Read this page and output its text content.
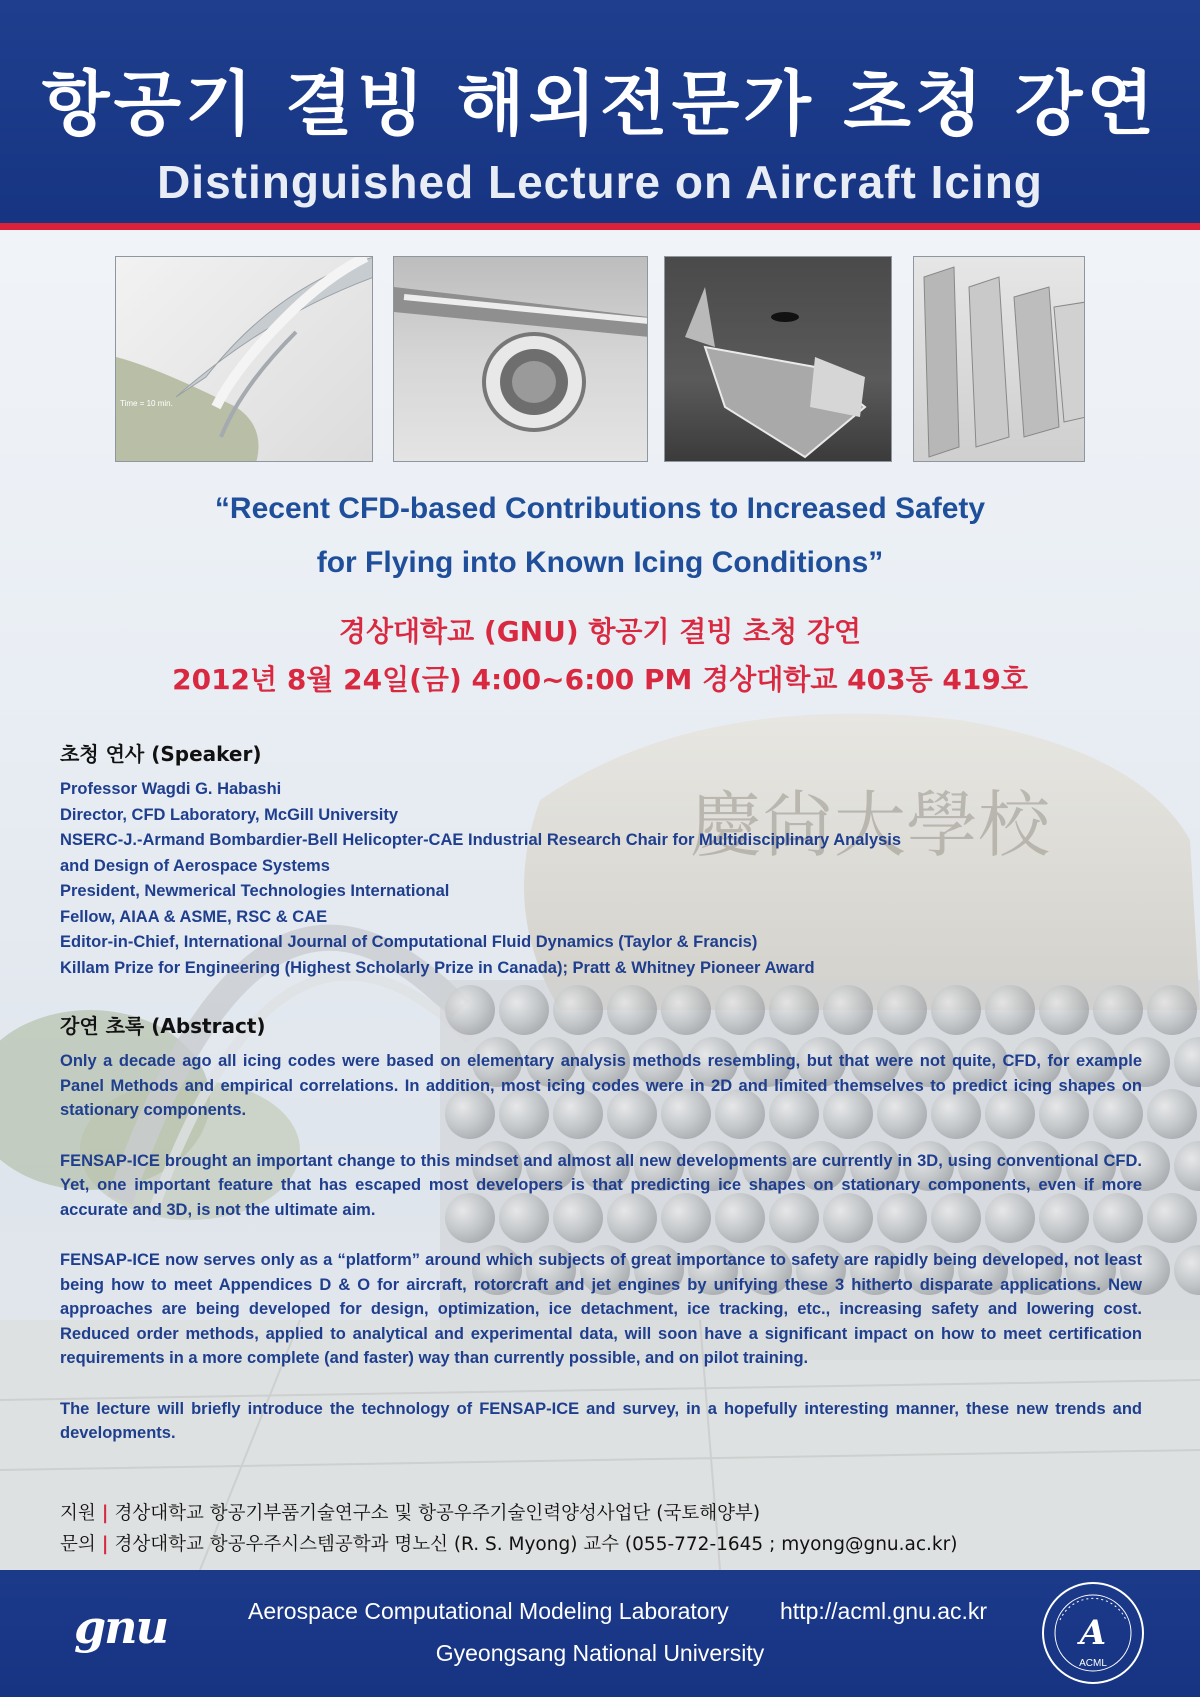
항공기 결빙 해외전문가 초청 강연
Distinguished Lecture on Aircraft Icing
慶尙大學校
Time = 10 min.
“Recent CFD-based Contributions to Increased Safety
for Flying into Known Icing Conditions”
경상대학교 (GNU) 항공기 결빙 초청 강연
2012년 8월 24일(금) 4:00~6:00 PM 경상대학교 403동 419호
초청 연사 (Speaker)
Professor Wagdi G. Habashi
Director, CFD Laboratory, McGill University
NSERC-J.-Armand Bombardier-Bell Helicopter-CAE Industrial Research Chair for Multidisciplinary Analysis
and Design of Aerospace Systems
President, Newmerical Technologies International
Fellow, AIAA & ASME, RSC & CAE
Editor-in-Chief, International Journal of Computational Fluid Dynamics (Taylor & Francis)
Killam Prize for Engineering (Highest Scholarly Prize in Canada); Pratt & Whitney Pioneer Award
강연 초록 (Abstract)

Only a decade ago all icing codes were based on elementary analysis methods resembling, but that were not quite, CFD, for example Panel Methods and empirical correlations. In addition, most icing codes were in 2D and limited themselves to predict icing shapes on stationary components.

FENSAP-ICE brought an important change to this mindset and almost all new developments are currently in 3D, using conventional CFD. Yet, one important feature that has escaped most developers is that predicting ice shapes on stationary components, even if more accurate and 3D, is not the ultimate aim.

FENSAP-ICE now serves only as a “platform” around which subjects of great importance to safety are rapidly being developed, not least being how to meet Appendices D & O for aircraft, rotorcraft and jet engines by unifying these 3 hitherto disparate applications. New approaches are being developed for design, optimization, ice detachment, ice tracking, etc., increasing safety and lowering cost. Reduced order methods, applied to analytical and experimental data, will soon have a significant impact on how to meet certification requirements in a more complete (and faster) way than currently possible, and on pilot training.

The lecture will briefly introduce the technology of FENSAP-ICE and survey, in a hopefully interesting manner, these new trends and developments.

지원 | 경상대학교 항공기부품기술연구소 및 항공우주기술인력양성사업단 (국토해양부)
문의 | 경상대학교 항공우주시스템공학과 명노신 (R. S. Myong) 교수 (055-772-1645 ; myong@gnu.ac.kr)
gnu	Aerospace Computational Modeling Laboratory http://acml.gnu.ac.kr
Gyeongsang National University	A
ACML
